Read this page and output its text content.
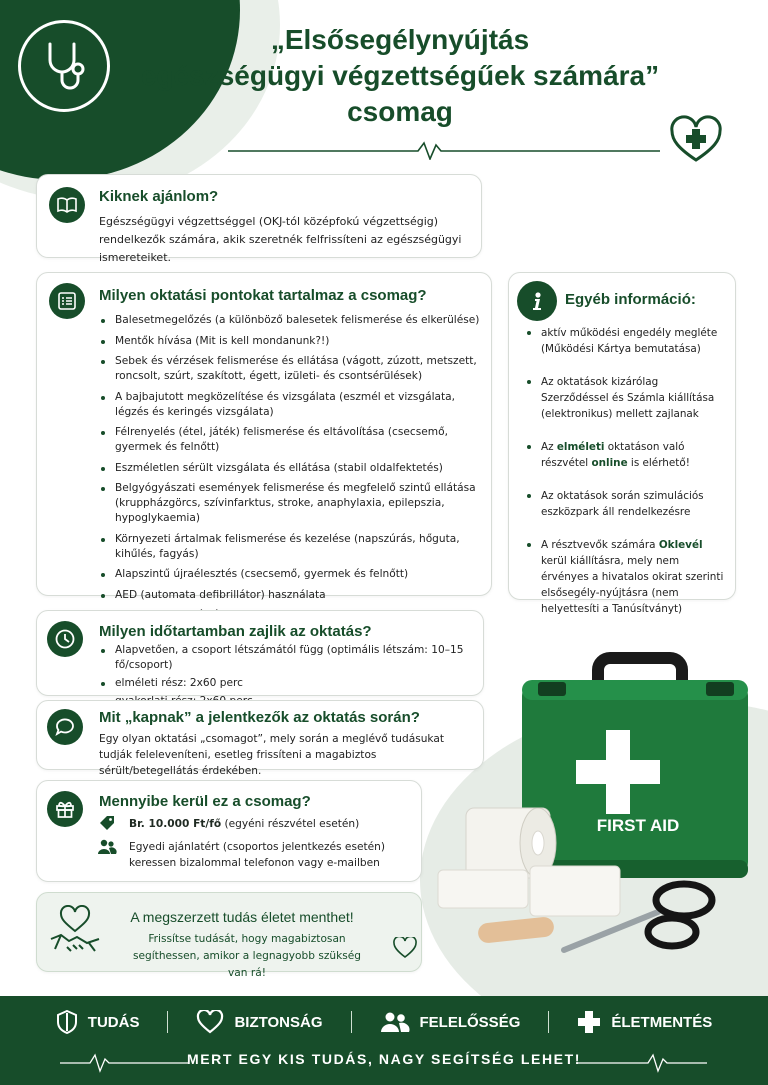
„Elsősegélynyújtás
egészségügyi végzettségűek számára”
csomag
Kiknek ajánlom?
Egészségügyi végzettséggel (OKJ-tól középfokú végzettségig) rendelkezők számára, akik szeretnék felfrissíteni az egészségügyi ismereteiket.
Milyen oktatási pontokat tartalmaz a csomag?
Balesetmegelőzés (a különböző balesetek felismerése és elkerülése)
Mentők hívása (Mit is kell mondanunk?!)
Sebek és vérzések felismerése és ellátása (vágott, zúzott, metszett, roncsolt, szúrt, szakított, égett, izületi- és csontsérülések)
A bajbajutott megközelítése és vizsgálata (eszmél et vizsgálata, légzés és keringés vizsgálata)
Félrenyelés (étel, játék) felismerése és eltávolítása (csecsemő, gyermek és felnőtt)
Eszméletlen sérült vizsgálata és ellátása (stabil oldalfektetés)
Belgyógyászati események felismerése és megfelelő szintű ellátása (kruppházgörcs, szívinfarktus, stroke, anaphylaxia, epilepszia, hypoglykaemia)
Környezeti ártalmak felismerése és kezelése (napszúrás, hőguta, kihűlés, fagyás)
Alapszintű újraélesztés (csecsemő, gyermek és felnőtt)
AED (automata defibrillátor) használata
Egyéb információ:
aktív működési engedély megléte (Működési Kártya bemutatása)
Az oktatások kizárólag Szerződéssel és Számla kiállítása (elektronikus) mellett zajlanak
Az elméleti oktatáson való részvétel online is elérhető!
Az oktatások során szimulációs eszközpark áll rendelkezésre
A résztvevők számára Oklevél kerül kiállításra, mely nem érvényes a hivatalos okirat szerinti elsősegély-nyújtásra (nem helyettesíti a Tanúsítványt)
Milyen időtartamban zajlik az oktatás?
Alapvetően, a csoport létszámától függ (optimális létszám: 10–15 fő/csoport)
elméleti rész: 2x60 perc
Mit „kapnak” a jelentkezők az oktatás során?
Egy olyan oktatási „csomagot”, mely során a meglévő tudásukat tudják feleleveníteni, esetleg frissíteni a magabiztos sérült/betegellátás érdekében.
Mennyibe kerül ez a csomag?
Br. 10.000 Ft/fő (egyéni részvétel esetén)
Egyedi ajánlatért (csoportos jelentkezés esetén) keressen bizalommal telefonon vagy e-mailben
A megszerzett tudás életet menthet!
Frissítse tudását, hogy magabiztosan segíthessen, amikor a legnagyobb szükség van rá!
FIRST AID
TUDÁS	BIZTONSÁG	FELELŐSSÉG	ÉLETMENTÉS
MERT EGY KIS TUDÁS, NAGY SEGÍTSÉG LEHET!
